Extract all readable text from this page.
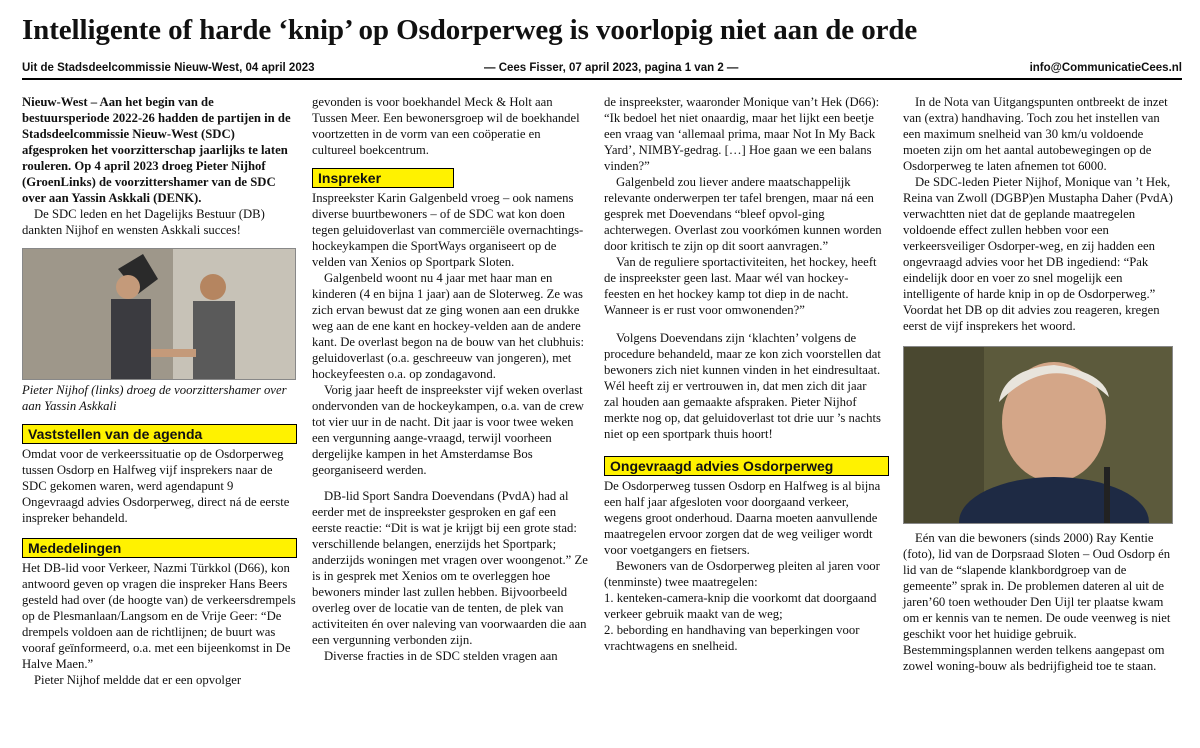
Intelligente of harde ‘knip’ op Osdorperweg is voorlopig niet aan de orde
Uit de Stadsdeelcommissie Nieuw-West, 04 april 2023	— Cees Fisser, 07 april 2023, pagina 1 van 2 —	info@CommunicatieCees.nl

Nieuw-West – Aan het begin van de bestuursperiode 2022-26 hadden de partijen in de Stadsdeelcommissie Nieuw-West (SDC) afgesproken het voorzitterschap jaarlijks te laten rouleren. Op 4 april 2023 droeg Pieter Nijhof (GroenLinks) de voorzittershamer van de SDC over aan Yassin Askkali (DENK).

De SDC leden en het Dagelijks Bestuur (DB) dankten Nijhof en wensten Askkali succes!

Pieter Nijhof (links) droeg de voorzittershamer over aan Yassin Askkali

Vaststellen van de agenda

Omdat voor de verkeerssituatie op de Osdorperweg tussen Osdorp en Halfweg vijf insprekers naar de SDC gekomen waren, werd agendapunt 9 Ongevraagd advies Osdorperweg, direct ná de eerste inspreker behandeld.

Mededelingen

Het DB-lid voor Verkeer, Nazmi Türkkol (D66), kon antwoord geven op vragen die inspreker Hans Beers gesteld had over (de hoogte van) de verkeersdrempels op de Plesmanlaan/Langsom en de Vrije Geer: “De drempels voldoen aan de richtlijnen; de buurt was vooraf geïnformeerd, o.a. met een bijeenkomst in De Halve Maen.”

Pieter Nijhof meldde dat er een opvolger

gevonden is voor boekhandel Meck & Holt aan Tussen Meer. Een bewonersgroep wil de boekhandel voortzetten in de vorm van een coöperatie en cultureel boekcentrum.

Inspreker

Inspreekster Karin Galgenbeld vroeg – ook namens diverse buurtbewoners – of de SDC wat kon doen tegen geluidoverlast van commerciële overnachtings-hockeykampen die SportWays organiseert op de velden van Xenios op Sportpark Sloten.

Galgenbeld woont nu 4 jaar met haar man en kinderen (4 en bijna 1 jaar) aan de Sloterweg. Ze was zich ervan bewust dat ze ging wonen aan een drukke weg aan de ene kant en hockey-velden aan de andere kant. De overlast begon na de bouw van het clubhuis: geluidoverlast (o.a. geschreeuw van jongeren), met hockeyfeesten o.a. op zondagavond.

Vorig jaar heeft de inspreekster vijf weken overlast ondervonden van de hockeykampen, o.a. van de crew tot vier uur in de nacht. Dit jaar is voor twee weken een vergunning aange-vraagd, terwijl voorheen dergelijke kampen in het Amsterdamse Bos georganiseerd werden.

DB-lid Sport Sandra Doevendans (PvdA) had al eerder met de inspreekster gesproken en gaf een eerste reactie: “Dit is wat je krijgt bij een grote stad: verschillende belangen, enerzijds het Sportpark; anderzijds woningen met vragen over woongenot.” Ze is in gesprek met Xenios om te overleggen hoe bewoners minder last zullen hebben. Bijvoorbeeld overleg over de locatie van de tenten, de plek van activiteiten én over naleving van voorwaarden die aan een vergunning verbonden zijn.

Diverse fracties in de SDC stelden vragen aan

de inspreekster, waaronder Monique van’t Hek (D66): “Ik bedoel het niet onaardig, maar het lijkt een beetje een vraag van ‘allemaal prima, maar Not In My Back Yard’, NIMBY-gedrag. […] Hoe gaan we een balans vinden?”

Galgenbeld zou liever andere maatschappelijk relevante onderwerpen ter tafel brengen, maar ná een gesprek met Doevendans “bleef opvol-ging achterwegen. Overlast zou voorkómen kunnen worden door kritisch te zijn op dit soort aanvragen.”

Van de reguliere sportactiviteiten, het hockey, heeft de inspreekster geen last. Maar wél van hockey-feesten en het hockey kamp tot diep in de nacht. Wanneer is er rust voor omwonenden?”

Volgens Doevendans zijn ‘klachten’ volgens de procedure behandeld, maar ze kon zich voorstellen dat bewoners zich niet kunnen vinden in het eindresultaat. Wél heeft zij er vertrouwen in, dat men zich dit jaar zal houden aan gemaakte afspraken. Pieter Nijhof merkte nog op, dat geluidoverlast tot drie uur ’s nachts niet op een sportpark thuis hoort!

Ongevraagd advies Osdorperweg

De Osdorperweg tussen Osdorp en Halfweg is al bijna een half jaar afgesloten voor doorgaand verkeer, wegens groot onderhoud. Daarna moeten aanvullende maatregelen ervoor zorgen dat de weg veiliger wordt voor voetgangers en fietsers.

Bewoners van de Osdorperweg pleiten al jaren voor (tenminste) twee maatregelen:

1. kenteken-camera-knip die voorkomt dat doorgaand verkeer gebruik maakt van de weg;

2. bebording en handhaving van beperkingen voor vrachtwagens en snelheid.

In de Nota van Uitgangspunten ontbreekt de inzet van (extra) handhaving. Toch zou het instellen van een maximum snelheid van 30 km/u voldoende moeten zijn om het aantal autobewegingen op de Osdorperweg te laten afnemen tot 6000.

De SDC-leden Pieter Nijhof, Monique van ’t Hek, Reina van Zwoll (DGBP)en Mustapha Daher (PvdA) verwachtten niet dat de geplande maatregelen voldoende effect zullen hebben voor een verkeersveiliger Osdorper-weg, en zij hadden een ongevraagd advies voor het DB ingediend: “Pak eindelijk door en voer zo snel mogelijk een intelligente of harde knip in op de Osdorperweg.”

Voordat het DB op dit advies zou reageren, kregen eerst de vijf insprekers het woord.

Eén van die bewoners (sinds 2000) Ray Kentie (foto), lid van de Dorpsraad Sloten – Oud Osdorp én lid van de “slapende klankbordgroep van de gemeente” sprak in. De problemen dateren al uit de jaren’60 toen wethouder Den Uijl ter plaatse kwam om er kennis van te nemen. De oude veenweg is niet geschikt voor het huidige gebruik. Bestemmingsplannen werden telkens aangepast om zowel woning-bouw als bedrijfigheid toe te staan.
